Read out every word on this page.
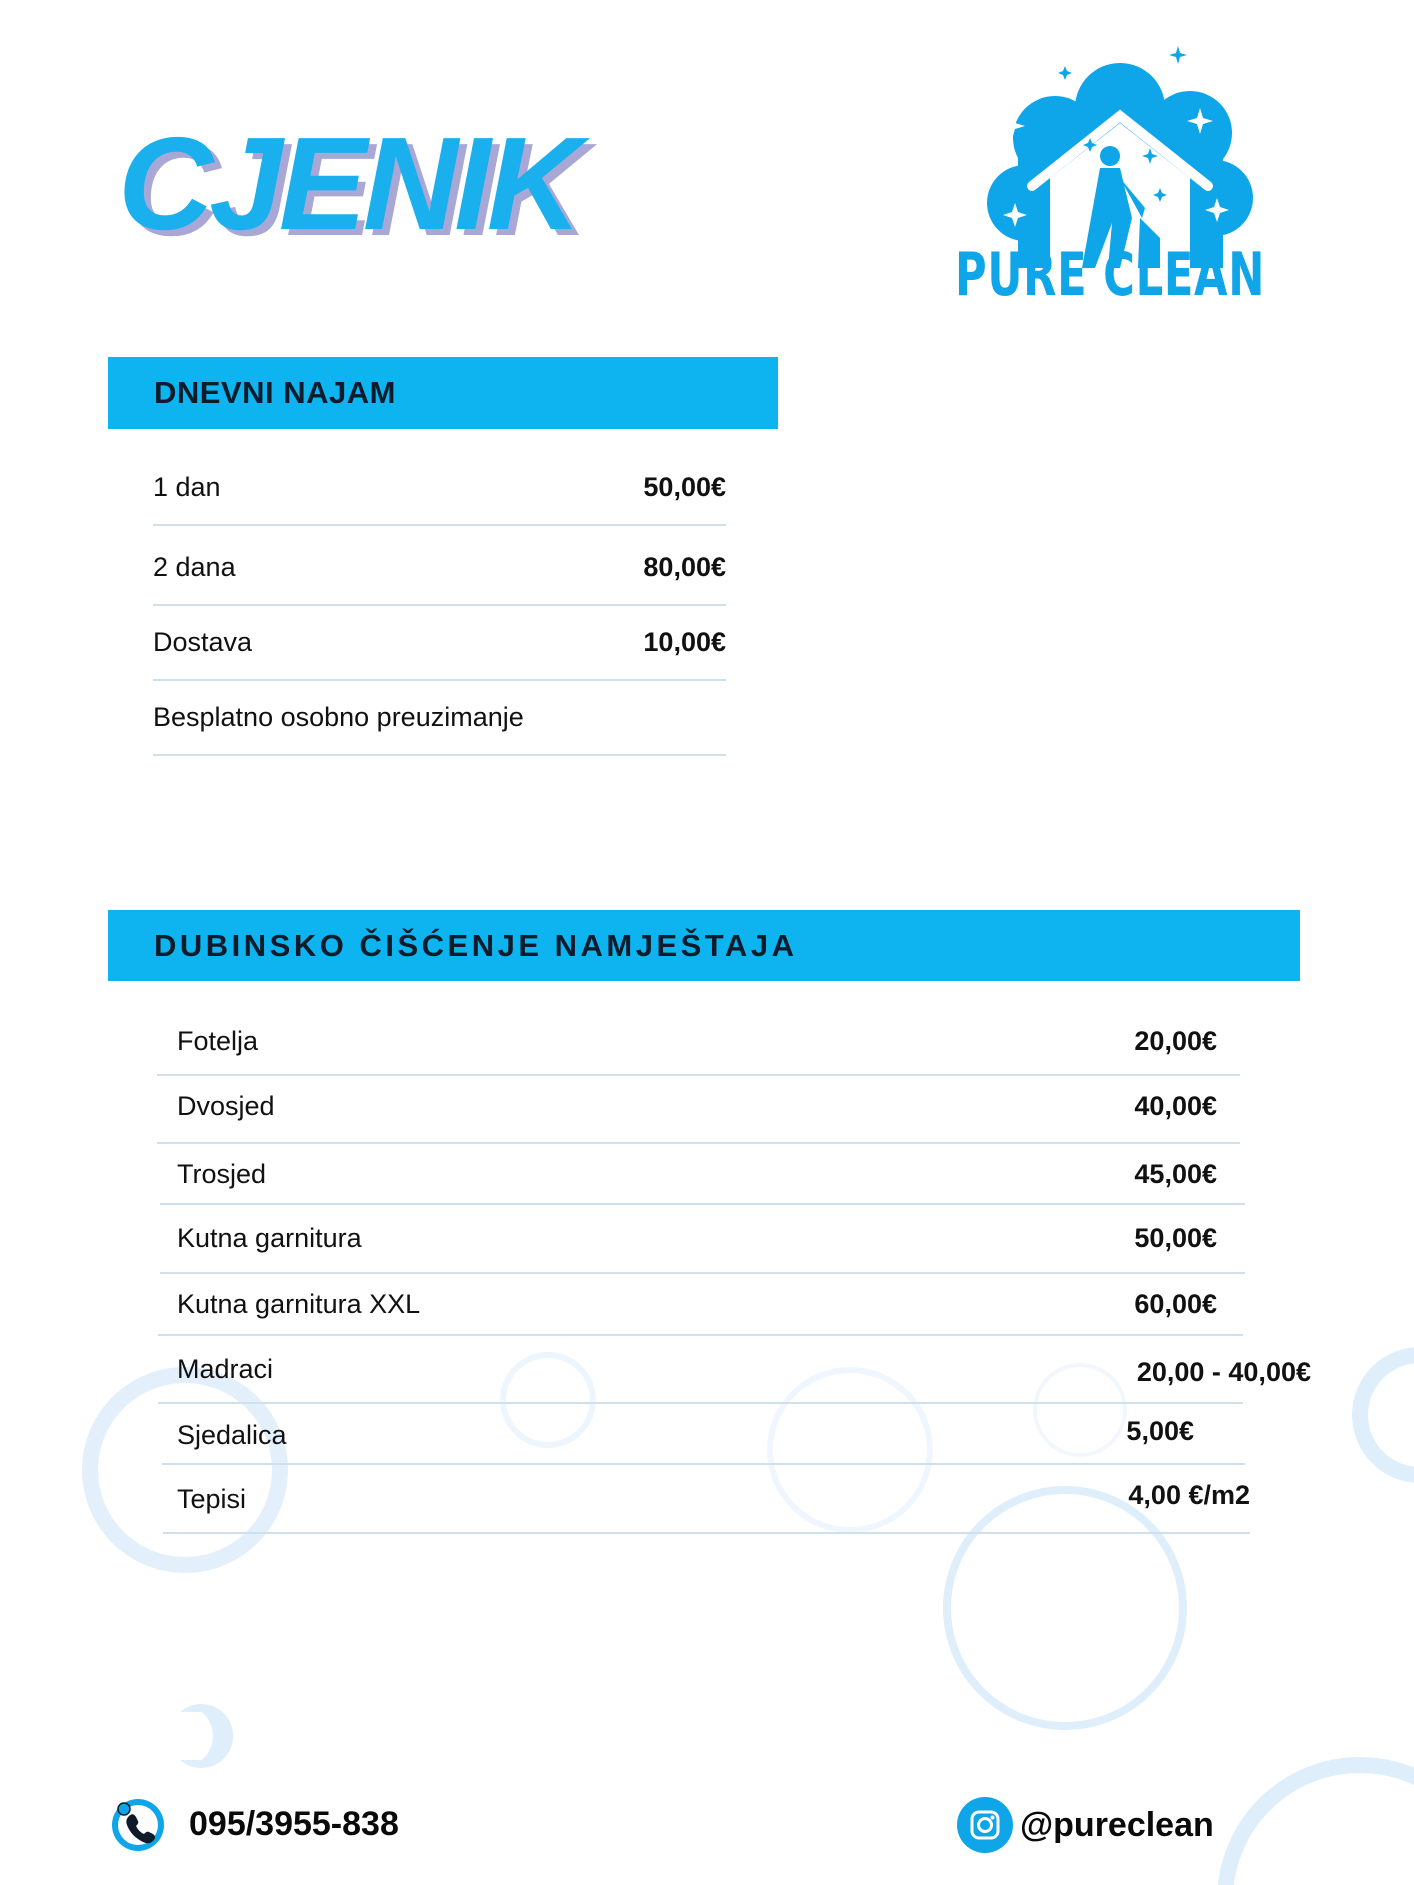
CJENIK
PURE CLEAN
DNEVNI NAJAM
1 dan	50,00€
2 dana	80,00€
Dostava	10,00€
Besplatno osobno preuzimanje
DUBINSKO ČIŠĆENJE NAMJEŠTAJA
Fotelja	20,00€
Dvosjed	40,00€
Trosjed	45,00€
Kutna garnitura	50,00€
Kutna garnitura XXL	60,00€
Madraci	20,00 - 40,00€
Sjedalica	5,00€
Tepisi	4,00 €/m2
095/3955-838	@pureclean
